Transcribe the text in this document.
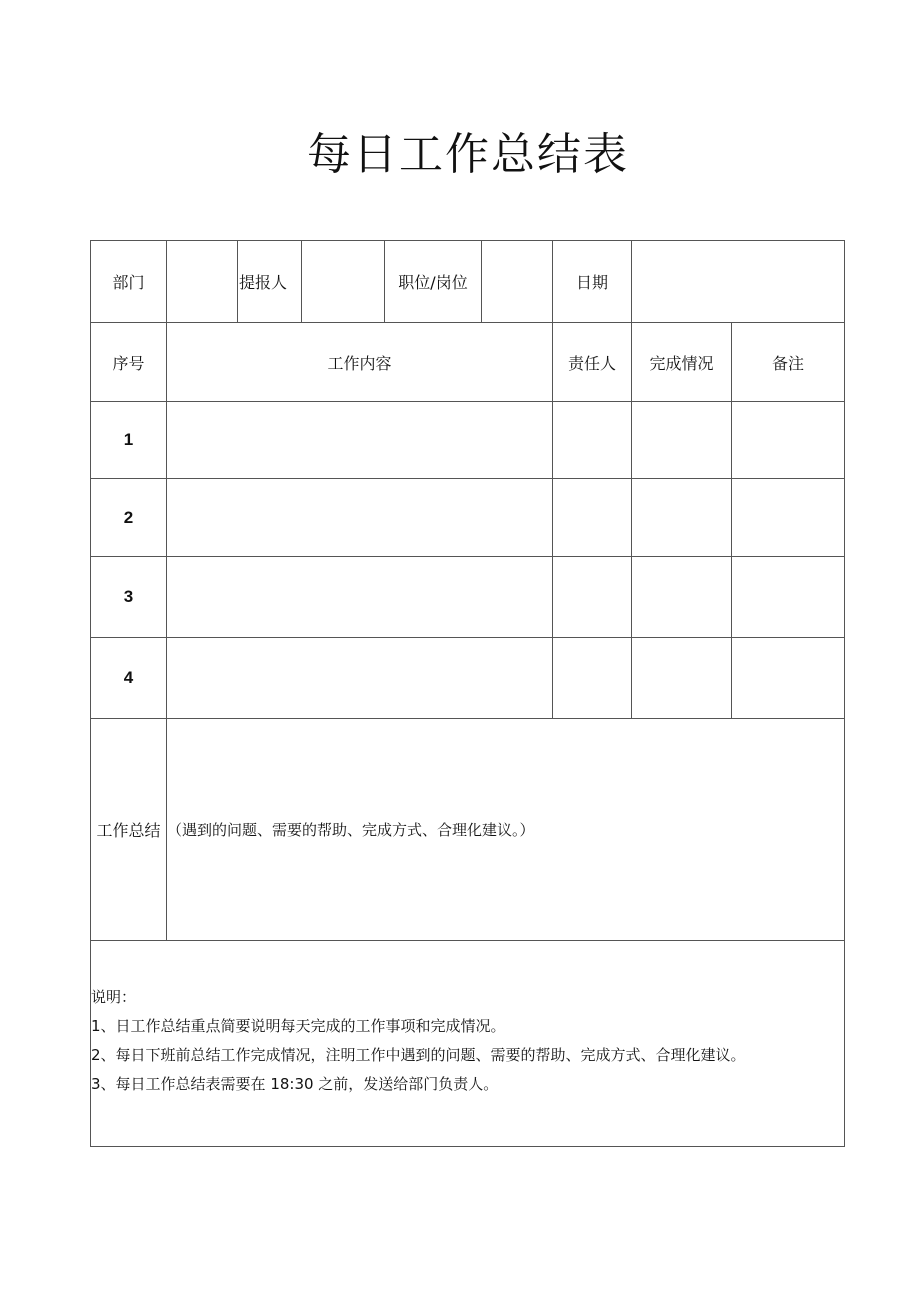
每日工作总结表
部门	提报人	职位/岗位	日期
序号	工作内容	责任人	完成情况	备注
1
2
3
4
工作总结 （遇到的问题、需要的帮助、完成方式、合理化建议。）
说明：
1、日工作总结重点简要说明每天完成的工作事项和完成情况。
2、每日下班前总结工作完成情况，注明工作中遇到的问题、需要的帮助、完成方式、合理化建议。
3、每日工作总结表需要在 18:30 之前，发送给部门负责人。
